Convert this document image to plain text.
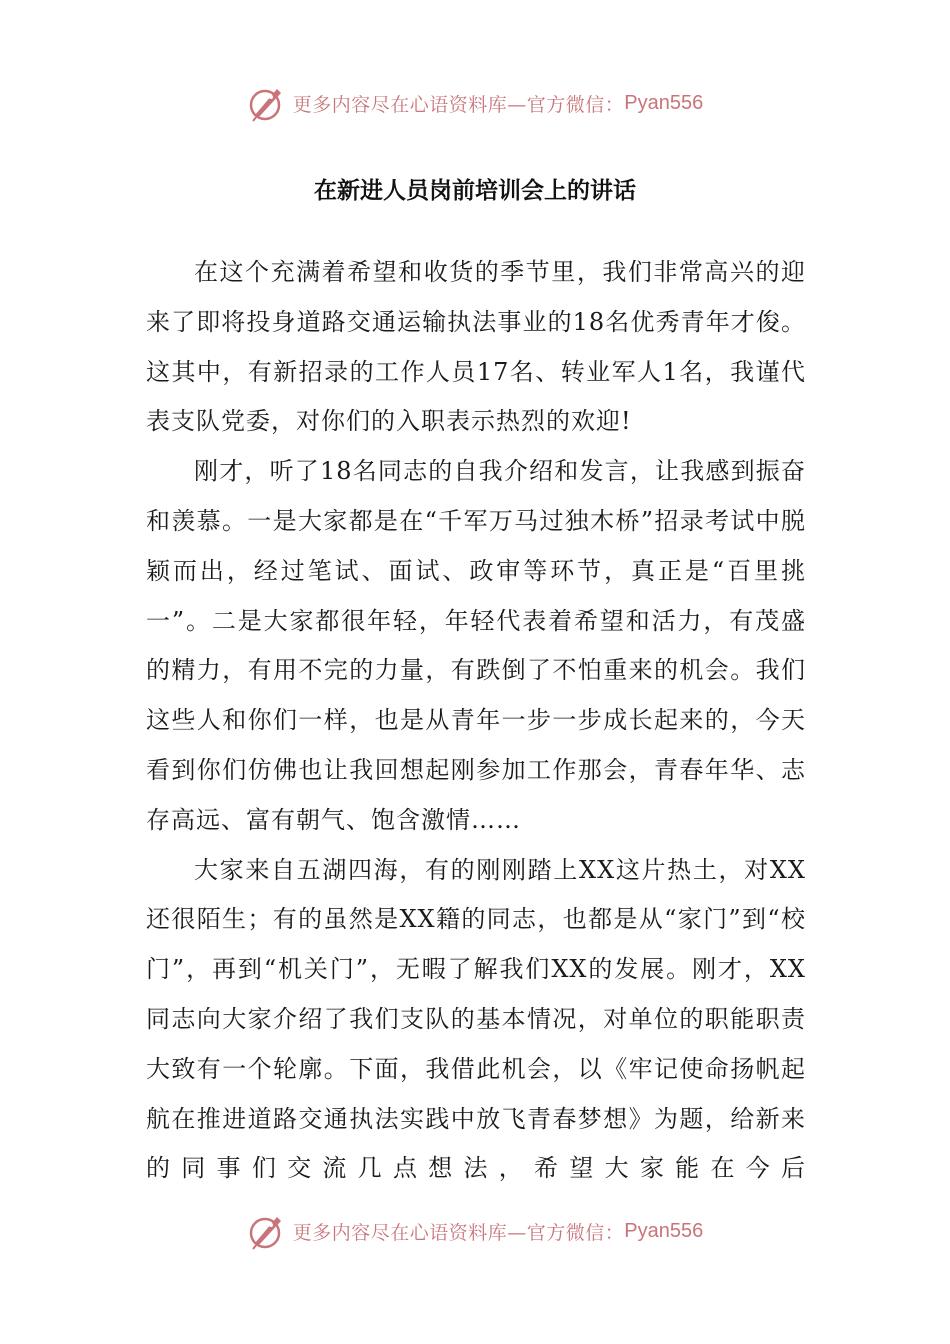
更多内容尽在心语资料库—官方微信： Pyan556
在新进人员岗前培训会上的讲话

在这个充满着希望和收货的季节里，我们非常高兴的迎来了即将投身道路交通运输执法事业的18名优秀青年才俊。这其中，有新招录的工作人员17名、转业军人1名，我谨代表支队党委，对你们的入职表示热烈的欢迎!

刚才，听了18名同志的自我介绍和发言，让我感到振奋和羡慕。一是大家都是在“千军万马过独木桥”招录考试中脱颖而出，经过笔试、面试、政审等环节，真正是“百里挑一”。二是大家都很年轻，年轻代表着希望和活力，有茂盛的精力，有用不完的力量，有跌倒了不怕重来的机会。我们这些人和你们一样，也是从青年一步一步成长起来的，今天看到你们仿佛也让我回想起刚参加工作那会，青春年华、志存高远、富有朝气、饱含激情……

大家来自五湖四海，有的刚刚踏上XX这片热土，对XX还很陌生；有的虽然是XX籍的同志，也都是从“家门”到“校门”，再到“机关门”，无暇了解我们XX的发展。刚才，XX同志向大家介绍了我们支队的基本情况，对单位的职能职责大致有一个轮廓。下面，我借此机会，以《牢记使命扬帆起航在推进道路交通执法实践中放飞青春梦想》为题，给新来的同事们交流几点想法，希望大家能在今后

更多内容尽在心语资料库—官方微信： Pyan556
